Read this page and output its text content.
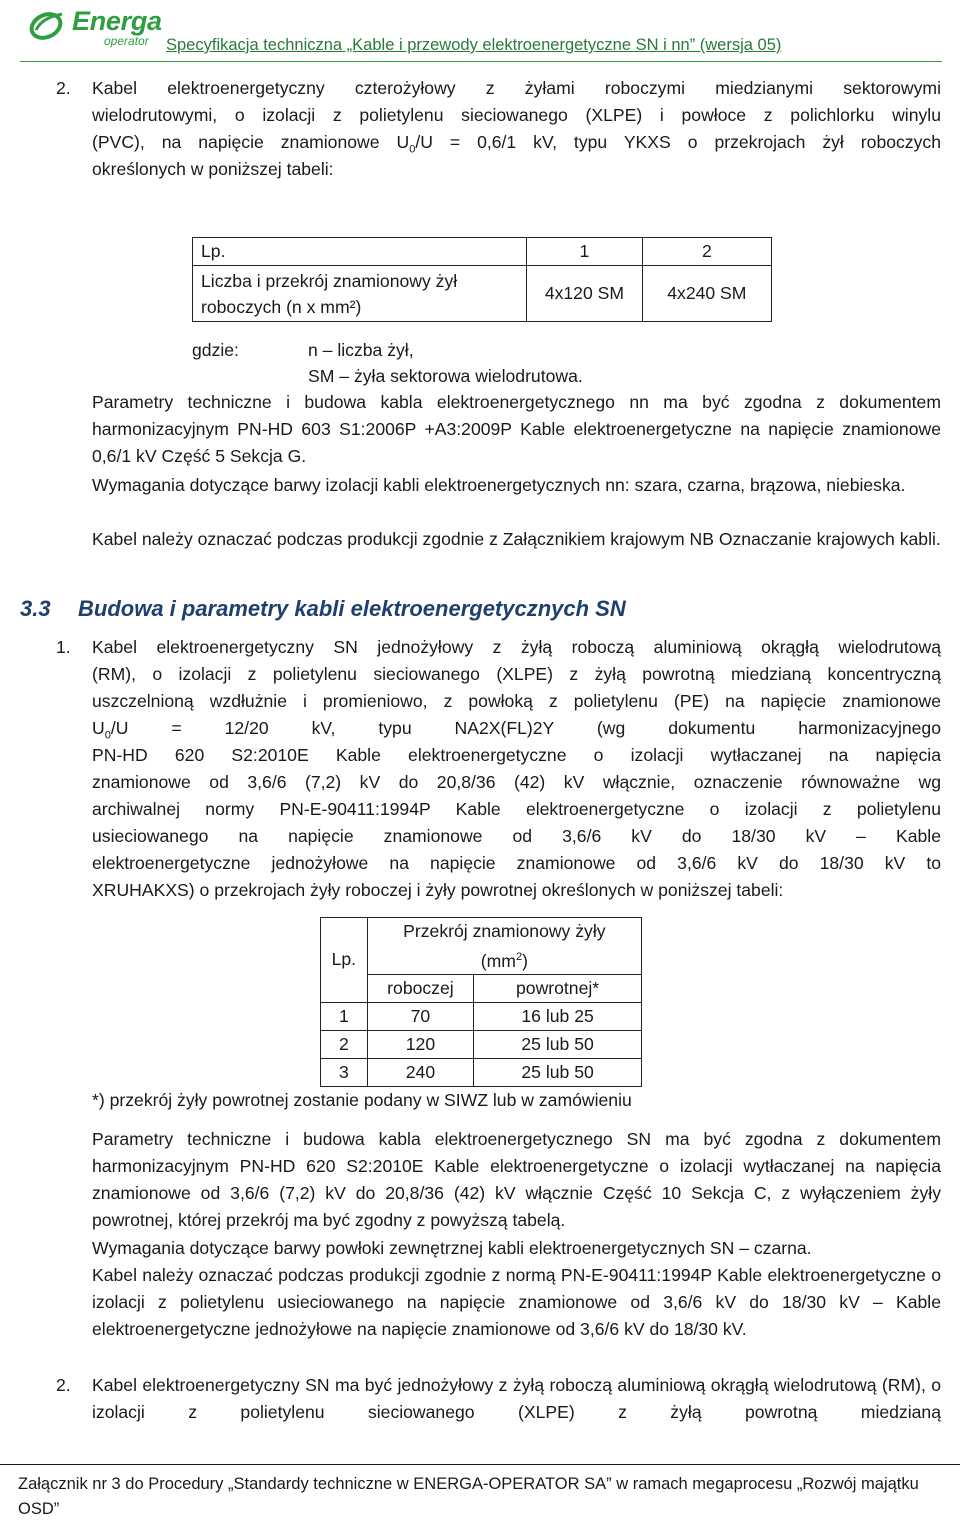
Energa
operator Specyfikacja techniczna „Kable i przewody elektroenergetyczne SN i nn” (wersja 05)
2. Kabel elektroenergetyczny czterożyłowy z żyłami roboczymi miedzianymi sektorowymi
wielodrutowymi, o izolacji z polietylenu sieciowanego (XLPE) i powłoce z polichlorku winylu
(PVC), na napięcie znamionowe $U_0/U = 0,6/1$ kV, typu YKXS o przekrojach żył roboczych
określonych w poniższej tabeli:
Lp.	1	2
Liczba i przekrój znamionowy żył roboczych (n x mm²)	4x120 SM	4x240 SM
gdzie:	n – liczba żył,
SM – żyła sektorowa wielodrutowa.
Parametry techniczne i budowa kabla elektroenergetycznego nn ma być zgodna z dokumentem harmonizacyjnym PN-HD 603 S1:2006P +A3:2009P Kable elektroenergetyczne na napięcie znamionowe 0,6/1 kV Część 5 Sekcja G.
Wymagania dotyczące barwy izolacji kabli elektroenergetycznych nn: szara, czarna, brązowa, niebieska.
Kabel należy oznaczać podczas produkcji zgodnie z Załącznikiem krajowym NB Oznaczanie krajowych kabli.
3.3 Budowa i parametry kabli elektroenergetycznych SN
1. Kabel elektroenergetyczny SN jednożyłowy z żyłą roboczą aluminiową okrągłą wielodrutową
(RM), o izolacji z polietylenu sieciowanego (XLPE) z żyłą powrotną miedzianą koncentryczną
uszczelnioną wzdłużnie i promieniowo, z powłoką z polietylenu (PE) na napięcie znamionowe
$U_0/U = 12/20$ kV, typu NA2X(FL)2Y (wg dokumentu harmonizacyjnego
PN-HD 620 S2:2010E Kable elektroenergetyczne o izolacji wytłaczanej na napięcia
znamionowe od 3,6/6 (7,2) kV do 20,8/36 (42) kV włącznie, oznaczenie równoważne wg
archiwalnej normy PN-E-90411:1994P Kable elektroenergetyczne o izolacji z polietylenu
usieciowanego na napięcie znamionowe od 3,6/6 kV do 18/30 kV – Kable
elektroenergetyczne jednożyłowe na napięcie znamionowe od 3,6/6 kV do 18/30 kV to
XRUHAKXS) o przekrojach żyły roboczej i żyły powrotnej określonych w poniższej tabeli:
Lp.	Przekrój znamionowy żyły
$(mm^2)$	
	roboczej	powrotnej*
1	70	16 lub 25
2	120	25 lub 50
3	240	25 lub 50
*) przekrój żyły powrotnej zostanie podany w SIWZ lub w zamówieniu
Parametry techniczne i budowa kabla elektroenergetycznego SN ma być zgodna z dokumentem harmonizacyjnym PN-HD 620 S2:2010E Kable elektroenergetyczne o izolacji wytłaczanej na napięcia znamionowe od 3,6/6 (7,2) kV do 20,8/36 (42) kV włącznie Część 10 Sekcja C, z wyłączeniem żyły powrotnej, której przekrój ma być zgodny z powyższą tabelą.
Wymagania dotyczące barwy powłoki zewnętrznej kabli elektroenergetycznych SN – czarna.
Kabel należy oznaczać podczas produkcji zgodnie z normą PN-E-90411:1994P Kable elektroenergetyczne o izolacji z polietylenu usieciowanego na napięcie znamionowe od 3,6/6 kV do 18/30 kV – Kable elektroenergetyczne jednożyłowe na napięcie znamionowe od 3,6/6 kV do 18/30 kV.
2. Kabel elektroenergetyczny SN ma być jednożyłowy z żyłą roboczą aluminiową okrągłą wielodrutową (RM), o izolacji z polietylenu sieciowanego (XLPE) z żyłą powrotną miedzianą
Załącznik nr 3 do Procedury „Standardy techniczne w ENERGA-OPERATOR SA” w ramach megaprocesu „Rozwój majątku OSD”
